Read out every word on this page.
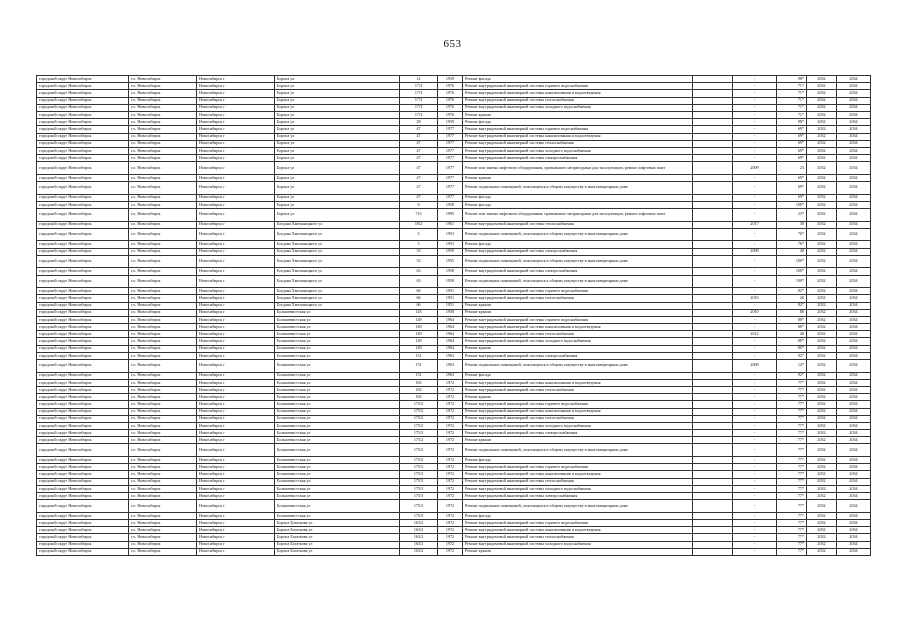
653
городской округ Новосибирск	г.о. Новосибирск	Новосибирск г	Бориса ул	12	1959	Ремонт фасада		-	98*	2032	2034
городской округ Новосибирск	г.о. Новосибирск	Новосибирск г	Бориса ул	17/3	1976	Ремонт внутридомовой инженерной системы горячего водоснабжения		-	71*	2032	2034
городской округ Новосибирск	г.о. Новосибирск	Новосибирск г	Бориса ул	17/3	1976	Ремонт внутридомовой инженерной системы канализования и водоотведения		-	71*	2032	2034
городской округ Новосибирск	г.о. Новосибирск	Новосибирск г	Бориса ул	17/3	1976	Ремонт внутридомовой инженерной системы теплоснабжения		-	71*	2032	2034
городской округ Новосибирск	г.о. Новосибирск	Новосибирск г	Бориса ул	17/3	1976	Ремонт внутридомовой инженерной системы холодного водоснабжения		-	71*	2032	2034
городской округ Новосибирск	г.о. Новосибирск	Новосибирск г	Бориса ул	17/3	1976	Ремонт крыши		-	71*	2032	2034
городской округ Новосибирск	г.о. Новосибирск	Новосибирск г	Бориса ул	28	1959	Ремонт фасада		-	98*	2032	2034
городской округ Новосибирск	г.о. Новосибирск	Новосибирск г	Бориса ул	47	1977	Ремонт внутридомовой инженерной системы горячего водоснабжения		-	69*	2032	2034
городской округ Новосибирск	г.о. Новосибирск	Новосибирск г	Бориса ул	47	1977	Ремонт внутридомовой инженерной системы канализования и водоотведения		-	69*	2032	2034
городской округ Новосибирск	г.о. Новосибирск	Новосибирск г	Бориса ул	47	1977	Ремонт внутридомовой инженерной системы теплоснабжения		-	69*	2032	2034
городской округ Новосибирск	г.о. Новосибирск	Новосибирск г	Бориса ул	47	1977	Ремонт внутридомовой инженерной системы холодного водоснабжения		-	69*	2032	2034
городской округ Новосибирск	г.о. Новосибирск	Новосибирск г	Бориса ул	47	1977	Ремонт внутридомовой инженерной системы электроснабжения		-	69*	2032	2034
городской округ Новосибирск	г.о. Новосибирск	Новосибирск г	Бориса ул	47	1977	Ремонт или замена лифтового оборудования, признанного непригодным для эксплуатации, ремонт лифтовых шахт		2009	23	2032	2034
городской округ Новосибирск	г.о. Новосибирск	Новосибирск г	Бориса ул	47	1977	Ремонт крыши		-	69*	2032	2034
городской округ Новосибирск	г.о. Новосибирск	Новосибирск г	Бориса ул	47	1977	Ремонт подвальных помещений, относящихся к общему имуществу в многоквартирном доме		-	69*	2032	2034
городской округ Новосибирск	г.о. Новосибирск	Новосибирск г	Бориса ул	47	1977	Ремонт фасада		-	69*	2032	2034
городской округ Новосибирск	г.о. Новосибирск	Новосибирск г	Бориса ул	9	1958	Ремонт фасада		-	100*	2032	2034
городской округ Новосибирск	г.о. Новосибирск	Новосибирск г	Бориса ул	71б	1995	Ремонт или замена лифтового оборудования, признанного непригодным для эксплуатации, ремонт лифтовых шахт		-	23*	2032	2034
городской округ Новосибирск	г.о. Новосибирск	Новосибирск г	Богдана Хмельницкого ул	18/2	1961	Ремонт внутридомовой инженерной системы теплоснабжения		2017	30	2032	2034
городской округ Новосибирск	г.о. Новосибирск	Новосибирск г	Богдана Хмельницкого ул	3	1953	Ремонт подвальных помещений, относящихся к общему имуществу в многоквартирном доме		-	76*	2032	2034
городской округ Новосибирск	г.о. Новосибирск	Новосибирск г	Богдана Хмельницкого ул	3	1953	Ремонт фасада		-	76*	2032	2034
городской округ Новосибирск	г.о. Новосибирск	Новосибирск г	Богдана Хмельницкого ул	33	1959	Ремонт внутридомовой инженерной системы электроснабжения		2008	40	2032	2034
городской округ Новосибирск	г.о. Новосибирск	Новосибирск г	Богдана Хмельницкого ул	33	1955	Ремонт подвальных помещений, относящихся к общему имуществу в многоквартирном доме		-	100*	2032	2034
городской округ Новосибирск	г.о. Новосибирск	Новосибирск г	Богдана Хмельницкого ул	63	1958	Ремонт внутридомовой инженерной системы электроснабжения		-	100*	2032	2034
городской округ Новосибирск	г.о. Новосибирск	Новосибирск г	Богдана Хмельницкого ул	63	1958	Ремонт подвальных помещений, относящихся к общему имуществу в многоквартирном доме		-	100*	2032	2034
городской округ Новосибирск	г.о. Новосибирск	Новосибирск г	Богдана Хмельницкого ул	66	1951	Ремонт внутридомовой инженерной системы горячего водоснабжения		-	82*	2032	2034
городской округ Новосибирск	г.о. Новосибирск	Новосибирск г	Богдана Хмельницкого ул	66	1951	Ремонт внутридомовой инженерной системы теплоснабжения		2010	26	2032	2034
городской округ Новосибирск	г.о. Новосибирск	Новосибирск г	Богдана Хмельницкого ул	66	1951	Ремонт крыши		-	82*	2032	2034
городской округ Новосибирск	г.о. Новосибирск	Новосибирск г	Большевистская ул	143	1958	Ремонт крыши		2010	80	2032	2034
городской округ Новосибирск	г.о. Новосибирск	Новосибирск г	Большевистская ул	149	1964	Ремонт внутридомовой инженерной системы горячего водоснабжения		-	80*	2032	2034
городской округ Новосибирск	г.о. Новосибирск	Новосибирск г	Большевистская ул	149	1964	Ремонт внутридомовой инженерной системы канализования и водоотведения		-	80*	2032	2034
городской округ Новосибирск	г.о. Новосибирск	Новосибирск г	Большевистская ул	149	1964	Ремонт внутридомовой инженерной системы теплоснабжения		2012	46	2032	2034
городской округ Новосибирск	г.о. Новосибирск	Новосибирск г	Большевистская ул	149	1964	Ремонт внутридомовой инженерной системы холодного водоснабжения		-	80*	2032	2034
городской округ Новосибирск	г.о. Новосибирск	Новосибирск г	Большевистская ул	149	1964	Ремонт крыши		-	80*	2032	2034
городской округ Новосибирск	г.о. Новосибирск	Новосибирск г	Большевистская ул	151	1963	Ремонт внутридомовой инженерной системы электроснабжения		-	92*	2032	2034
городской округ Новосибирск	г.о. Новосибирск	Новосибирск г	Большевистская ул	151	1963	Ремонт подвальных помещений, относящихся к общему имуществу в многоквартирном доме		2008	14*	2032	2034
городской округ Новосибирск	г.о. Новосибирск	Новосибирск г	Большевистская ул	151	1963	Ремонт фасада		-	92*	2032	2034
городской округ Новосибирск	г.о. Новосибирск	Новосибирск г	Большевистская ул	165	1972	Ремонт внутридомовой инженерной системы канализования и водоотведения		-	77*	2032	2034
городской округ Новосибирск	г.о. Новосибирск	Новосибирск г	Большевистская ул	165	1972	Ремонт внутридомовой инженерной системы теплоснабжения		-	77*	2032	2034
городской округ Новосибирск	г.о. Новосибирск	Новосибирск г	Большевистская ул	165	1972	Ремонт крыши		-	77*	2032	2034
городской округ Новосибирск	г.о. Новосибирск	Новосибирск г	Большевистская ул	175/2	1972	Ремонт внутридомовой инженерной системы горячего водоснабжения		-	77*	2032	2034
городской округ Новосибирск	г.о. Новосибирск	Новосибирск г	Большевистская ул	175/2	1972	Ремонт внутридомовой инженерной системы канализования и водоотведения		-	77*	2032	2034
городской округ Новосибирск	г.о. Новосибирск	Новосибирск г	Большевистская ул	175/2	1972	Ремонт внутридомовой инженерной системы теплоснабжения		-	77*	2032	2034
городской округ Новосибирск	г.о. Новосибирск	Новосибирск г	Большевистская ул	175/2	1972	Ремонт внутридомовой инженерной системы холодного водоснабжения		-	77*	2032	2034
городской округ Новосибирск	г.о. Новосибирск	Новосибирск г	Большевистская ул	175/2	1972	Ремонт внутридомовой инженерной системы электроснабжения		-	77*	2032	2034
городской округ Новосибирск	г.о. Новосибирск	Новосибирск г	Большевистская ул	175/2	1972	Ремонт крыши		-	77*	2032	2034
городской округ Новосибирск	г.о. Новосибирск	Новосибирск г	Большевистская ул	175/2	1972	Ремонт подвальных помещений, относящихся к общему имуществу в многоквартирном доме		-	77*	2032	2034
городской округ Новосибирск	г.о. Новосибирск	Новосибирск г	Большевистская ул	175/2	1972	Ремонт фасада		-	77*	2032	2034
городской округ Новосибирск	г.о. Новосибирск	Новосибирск г	Большевистская ул	175/3	1972	Ремонт внутридомовой инженерной системы горячего водоснабжения		-	77*	2032	2034
городской округ Новосибирск	г.о. Новосибирск	Новосибирск г	Большевистская ул	175/3	1972	Ремонт внутридомовой инженерной системы канализования и водоотведения		-	77*	2032	2034
городской округ Новосибирск	г.о. Новосибирск	Новосибирск г	Большевистская ул	175/3	1972	Ремонт внутридомовой инженерной системы теплоснабжения		-	77*	2032	2034
городской округ Новосибирск	г.о. Новосибирск	Новосибирск г	Большевистская ул	175/3	1972	Ремонт внутридомовой инженерной системы холодного водоснабжения		-	77*	2032	2034
городской округ Новосибирск	г.о. Новосибирск	Новосибирск г	Большевистская ул	175/3	1972	Ремонт внутридомовой инженерной системы электроснабжения		-	77*	2032	2034
городской округ Новосибирск	г.о. Новосибирск	Новосибирск г	Большевистская ул	175/3	1972	Ремонт подвальных помещений, относящихся к общему имуществу в многоквартирном доме		-	77*	2032	2034
городской округ Новосибирск	г.о. Новосибирск	Новосибирск г	Большевистская ул	175/3	1972	Ремонт фасада		-	77*	2032	2034
городской округ Новосибирск	г.о. Новосибирск	Новосибирск г	Бориса Богаткова ул	163/2	1972	Ремонт внутридомовой инженерной системы горячего водоснабжения		-	77*	2032	2034
городской округ Новосибирск	г.о. Новосибирск	Новосибирск г	Бориса Богаткова ул	163/2	1972	Ремонт внутридомовой инженерной системы канализования и водоотведения		-	77*	2032	2034
городской округ Новосибирск	г.о. Новосибирск	Новосибирск г	Бориса Богаткова ул	163/2	1972	Ремонт внутридомовой инженерной системы теплоснабжения		-	77*	2032	2034
городской округ Новосибирск	г.о. Новосибирск	Новосибирск г	Бориса Богаткова ул	163/2	1972	Ремонт внутридомовой инженерной системы холодного водоснабжения		-	77*	2032	2034
городской округ Новосибирск	г.о. Новосибирск	Новосибирск г	Бориса Богаткова ул	163/2	1972	Ремонт крыши		-	77*	2032	2034
